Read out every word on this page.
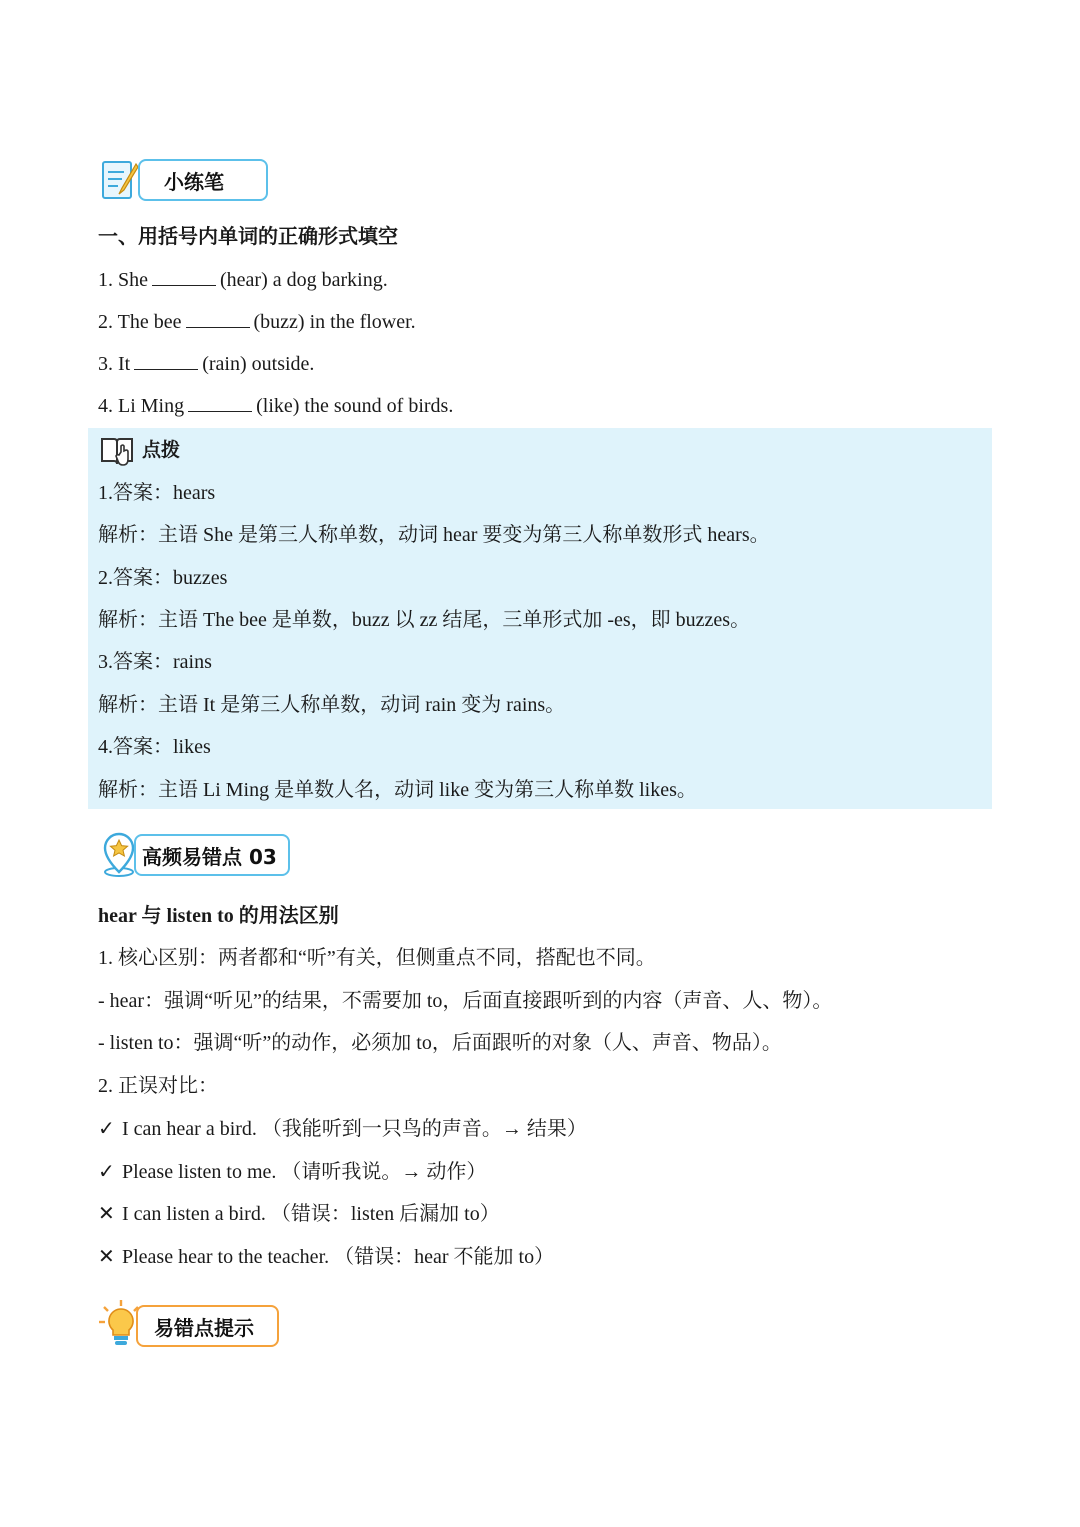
小练笔
一、用括号内单词的正确形式填空
1. She	(hear) a dog barking.
2. The bee	(buzz) in the flower.
3. It	(rain) outside.
4. Li Ming	(like) the sound of birds.
点拨
1.答案：hears
解析：主语 She 是第三人称单数，动词 hear 要变为第三人称单数形式 hears。
2.答案：buzzes
解析：主语 The bee 是单数，buzz 以 zz 结尾，三单形式加 -es，即 buzzes。
3.答案：rains
解析：主语 It 是第三人称单数，动词 rain 变为 rains。
4.答案：likes
解析：主语 Li Ming 是单数人名，动词 like 变为第三人称单数 likes。
高频易错点 03
hear 与 listen to 的用法区别
1. 核心区别：两者都和“听”有关，但侧重点不同，搭配也不同。
- hear：强调“听见”的结果，不需要加 to，后面直接跟听到的内容（声音、人、物）。
- listen to：强调“听”的动作，必须加 to，后面跟听的对象（人、声音、物品）。
2. 正误对比：
✓ I can hear a bird. （我能听到一只鸟的声音。→ 结果）
✓ Please listen to me. （请听我说。→ 动作）
✕ I can listen a bird. （错误：listen 后漏加 to）
✕ Please hear to the teacher. （错误：hear 不能加 to）
易错点提示
